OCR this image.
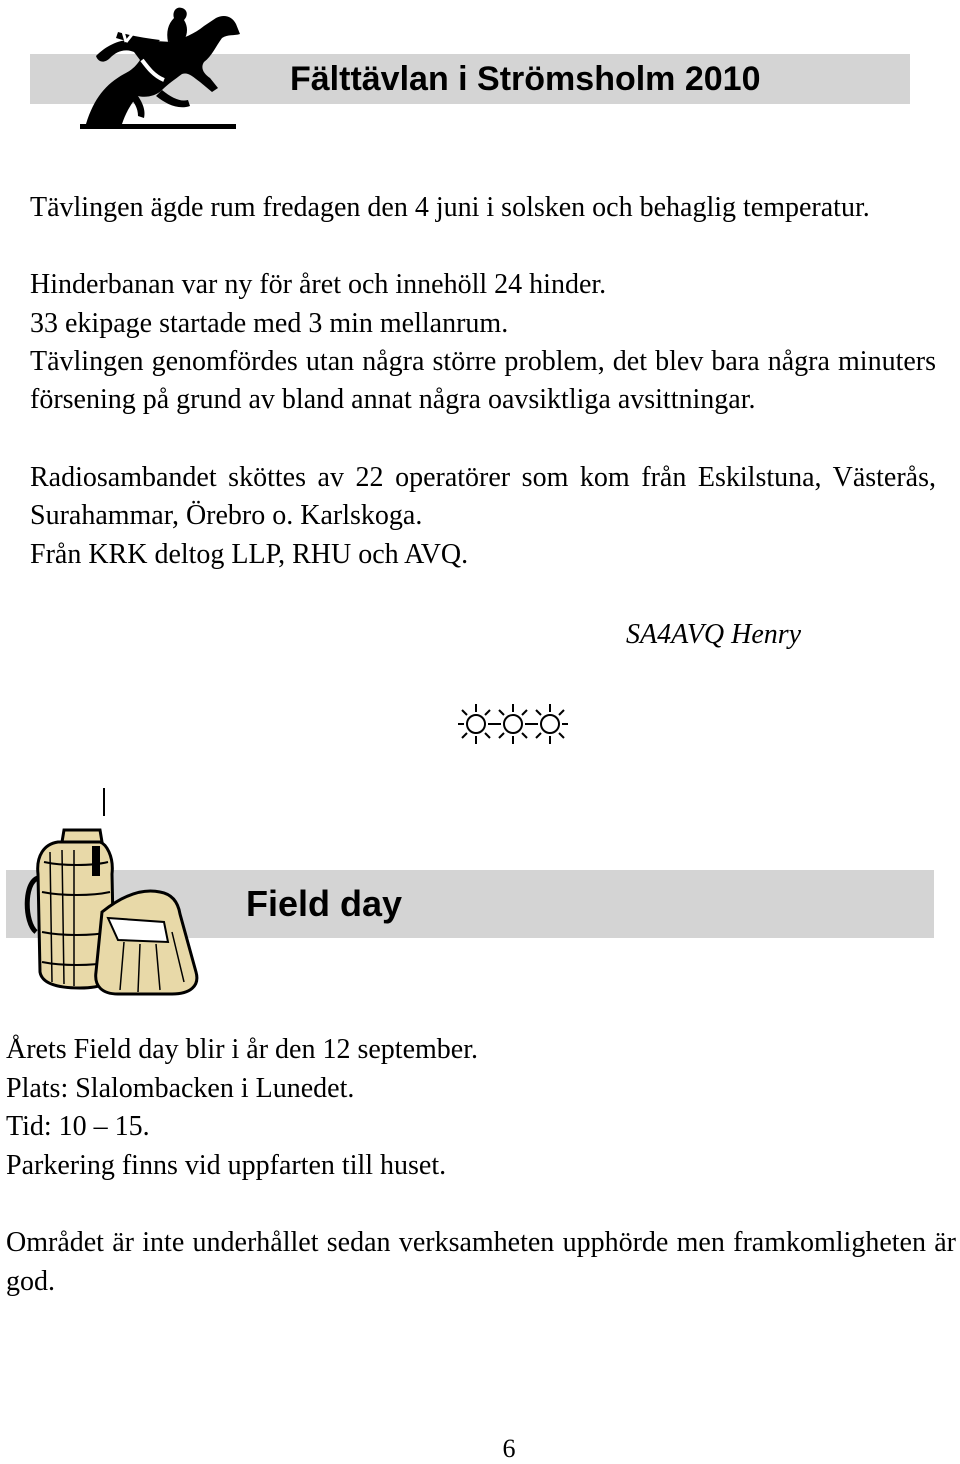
Fälttävlan i Strömsholm 2010
Tävlingen ägde rum fredagen den 4 juni i solsken och behaglig temperatur.
Hinderbanan var ny för året och innehöll 24 hinder.
33 ekipage startade med 3 min mellanrum.
Tävlingen genomfördes utan några större problem, det blev bara några minuters försening på grund av bland annat några oavsiktliga avsittningar.
Radiosambandet sköttes av 22 operatörer som kom från Eskilstuna, Västerås, Surahammar, Örebro o. Karlskoga.
Från KRK deltog LLP, RHU och AVQ.
SA4AVQ Henry
Field day

Årets Field day blir i år den 12 september.

Plats: Slalombacken i Lunedet.

Tid: 10 – 15.

Parkering finns vid uppfarten till huset.

Området är inte underhållet sedan verksamheten upphörde men framkomligheten är god.
6
